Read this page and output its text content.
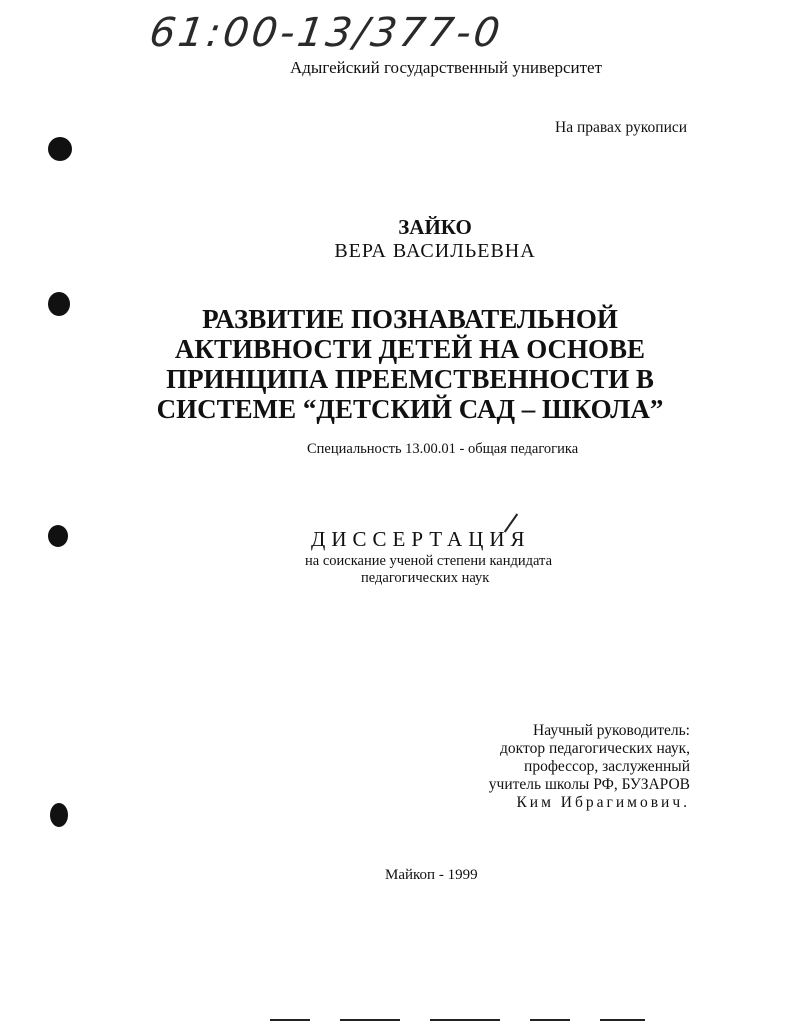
61:00-13/377-0
Адыгейский государственный университет
На правах рукописи
ЗАЙКО
ВЕРА ВАСИЛЬЕВНА
РАЗВИТИЕ ПОЗНАВАТЕЛЬНОЙ
АКТИВНОСТИ ДЕТЕЙ НА ОСНОВЕ
ПРИНЦИПА ПРЕЕМСТВЕННОСТИ В
СИСТЕМЕ “ДЕТСКИЙ САД – ШКОЛА”
Специальность 13.00.01 - общая педагогика
ДИССЕРТАЦИЯ
на соискание ученой степени кандидата
педагогических наук
Научный руководитель:
доктор педагогических наук,
профессор, заслуженный
учитель школы РФ, БУЗАРОВ
Ким Ибрагимович.
Майкоп - 1999
